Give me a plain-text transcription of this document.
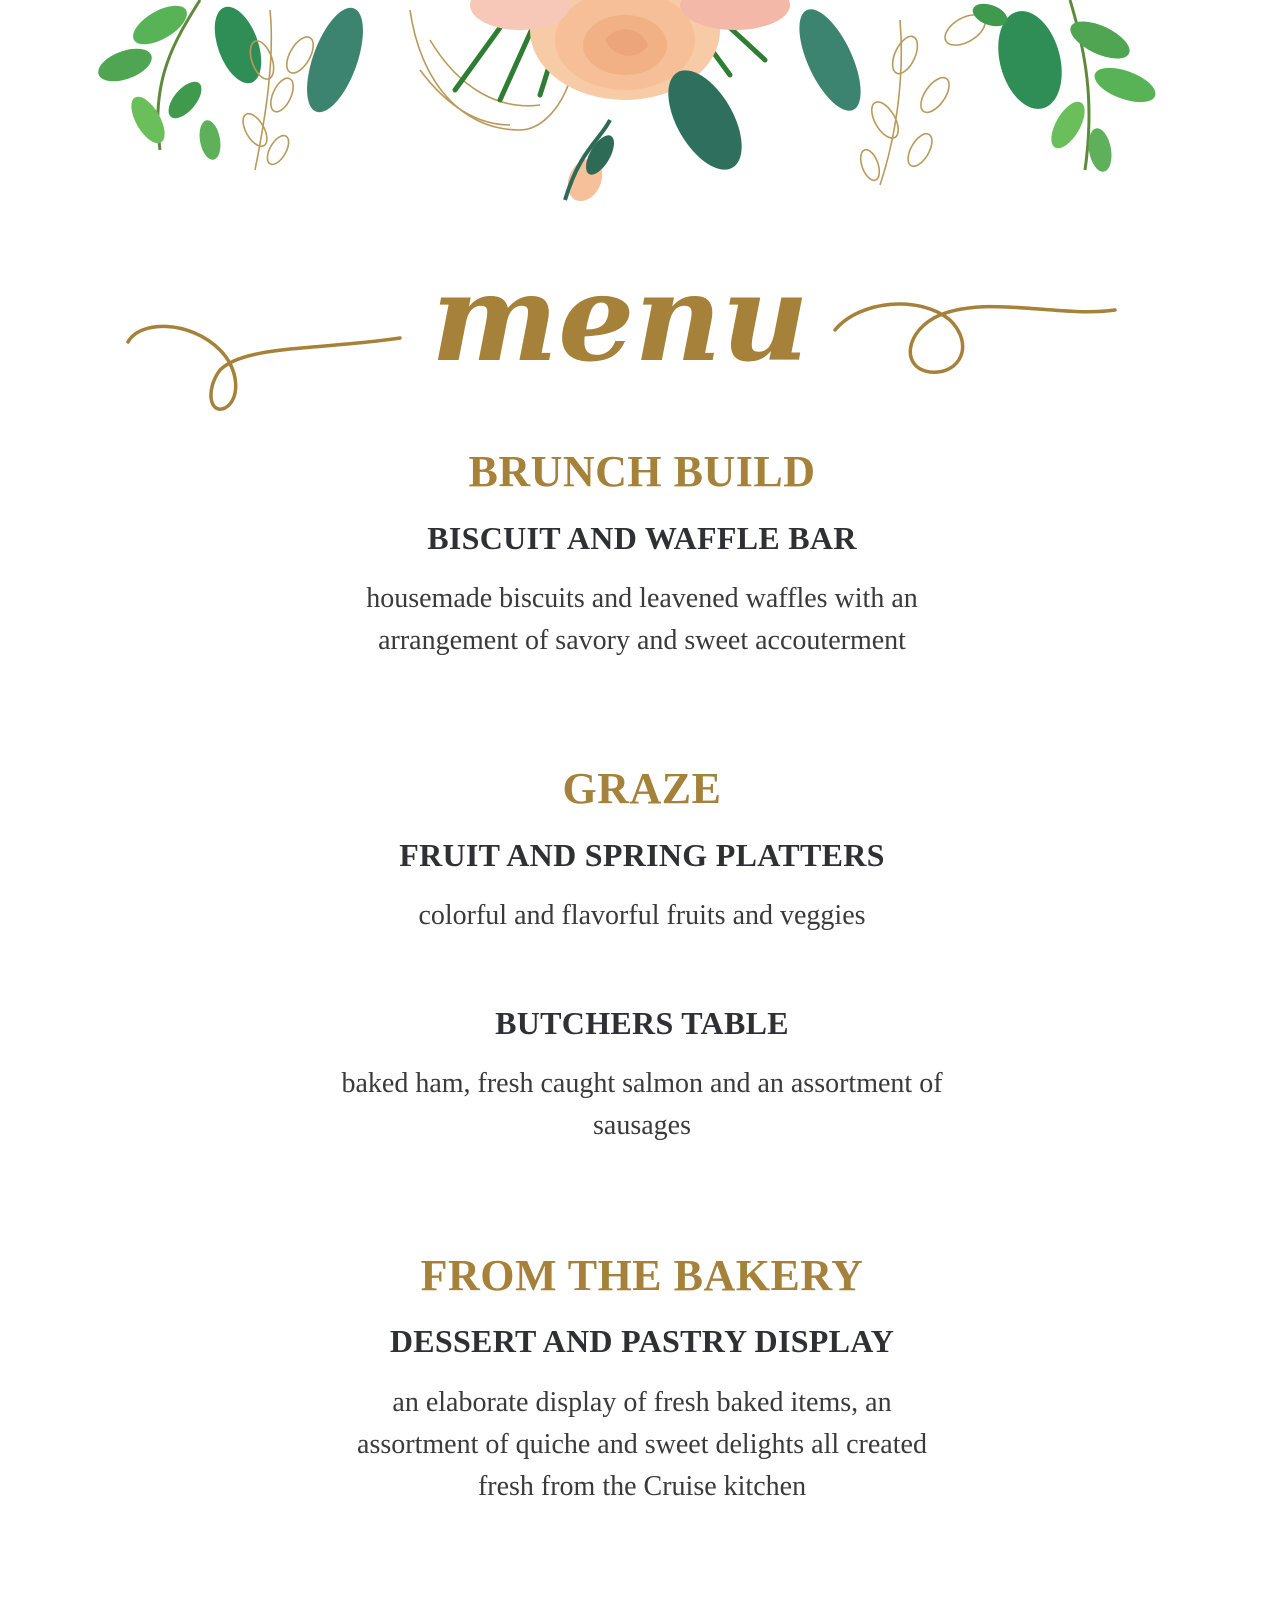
menu
BRUNCH BUILD
BISCUIT AND WAFFLE BAR
housemade biscuits and leavened waffles with an
arrangement of savory and sweet accouterment
GRAZE
FRUIT AND SPRING PLATTERS
colorful and flavorful fruits and veggies
BUTCHERS TABLE
baked ham, fresh caught salmon and an assortment of
sausages
FROM THE BAKERY
DESSERT AND PASTRY DISPLAY
an elaborate display of fresh baked items, an
assortment of quiche and sweet delights all created
fresh from the Cruise kitchen
